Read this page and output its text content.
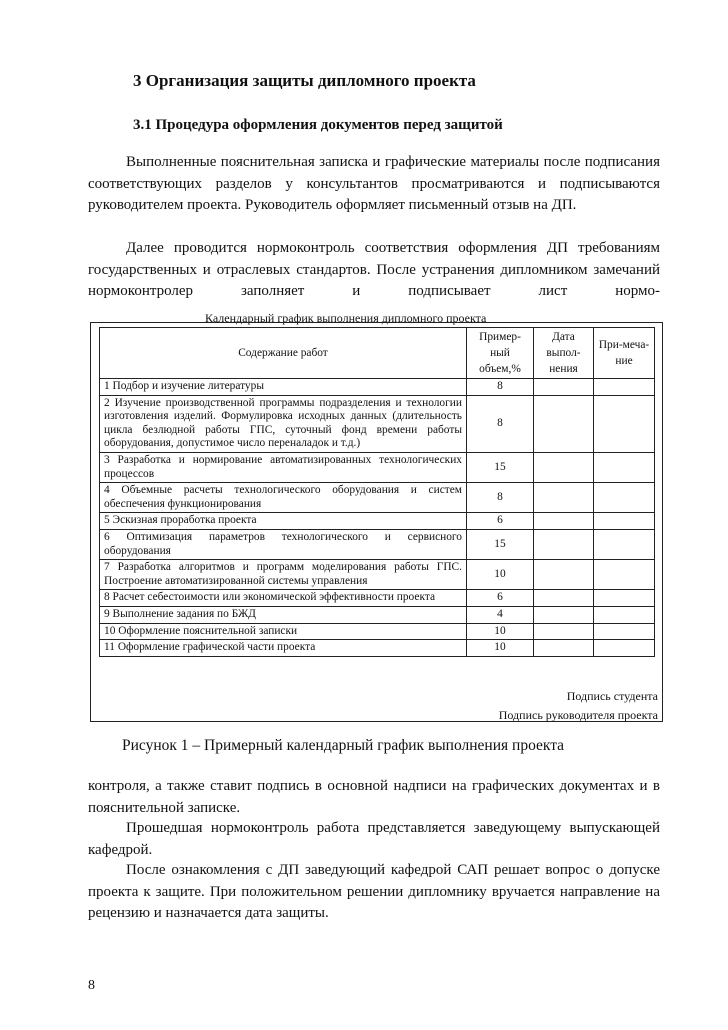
3 Организация защиты дипломного проекта
3.1 Процедура оформления документов перед защитой
Выполненные пояснительная записка и графические материалы после подписания соответствующих разделов у консультантов просматриваются и подписываются руководителем проекта. Руководитель оформляет письменный отзыв на ДП.
Далее проводится нормоконтроль соответствия оформления ДП требованиям государственных и отраслевых стандартов. После устранения дипломником замечаний нормоконтролер заполняет и подписывает лист нормо-
Календарный график выполнения дипломного проекта
Содержание работ	Пример-ный объем,%	Дата выпол-нения	При-меча-ние
1 Подбор и изучение литературы	8		
2 Изучение производственной программы подразделения и технологии изготовления изделий. Формулировка исходных данных (длительность цикла безлюдной работы ГПС, суточный фонд времени работы оборудования, допустимое число переналадок и т.д.)	8		
3 Разработка и нормирование автоматизированных технологических процессов	15		
4 Объемные расчеты технологического оборудования и систем обеспечения функционирования	8		
5 Эскизная проработка проекта	6		
6 Оптимизация параметров технологического и сервисного оборудования	15		
7 Разработка алгоритмов и программ моделирования работы ГПС. Построение автоматизированной системы управления	10		
8 Расчет себестоимости или экономической эффективности проекта	6		
9 Выполнение задания по БЖД	4		
10 Оформление пояснительной записки	10		
11 Оформление графической части проекта	10		
Подпись студента
Подпись руководителя проекта
Рисунок 1 – Примерный календарный график выполнения проекта
контроля, а также ставит подпись в основной надписи на графических документах и в пояснительной записке.
Прошедшая нормоконтроль работа представляется заведующему выпускающей кафедрой.
После ознакомления с ДП заведующий кафедрой САП решает вопрос о допуске проекта к защите. При положительном решении дипломнику вручается направление на рецензию и назначается дата защиты.
8
